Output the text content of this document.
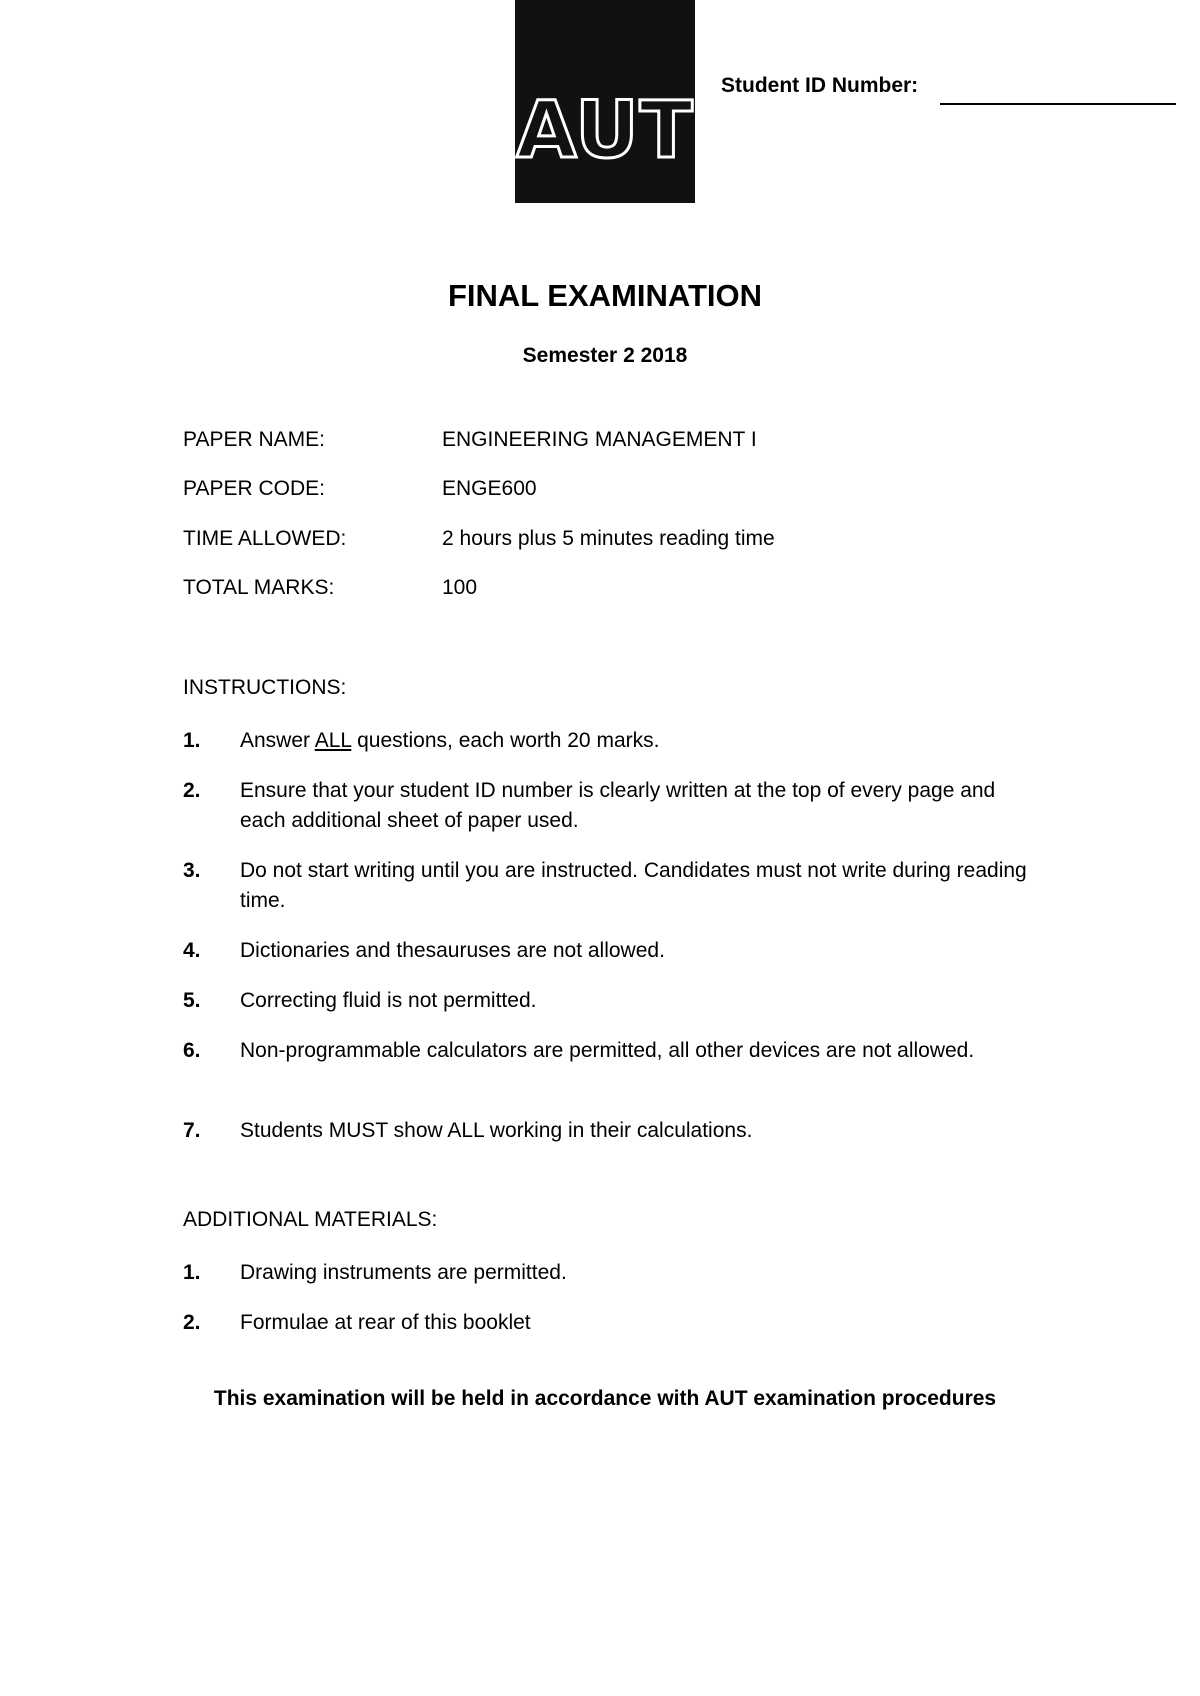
AUT
Student ID Number:
FINAL EXAMINATION
Semester 2 2018
PAPER NAME:	ENGINEERING MANAGEMENT I
PAPER CODE:	ENGE600
TIME ALLOWED:	2 hours plus 5 minutes reading time
TOTAL MARKS:	100
INSTRUCTIONS:
1. Answer ALL questions, each worth 20 marks.
2. Ensure that your student ID number is clearly written at the top of every page and each additional sheet of paper used.
3. Do not start writing until you are instructed. Candidates must not write during reading time.
4. Dictionaries and thesauruses are not allowed.
5. Correcting fluid is not permitted.
6. Non-programmable calculators are permitted, all other devices are not allowed.
7. Students MUST show ALL working in their calculations.
ADDITIONAL MATERIALS:
1. Drawing instruments are permitted.
2. Formulae at rear of this booklet
This examination will be held in accordance with AUT examination procedures
